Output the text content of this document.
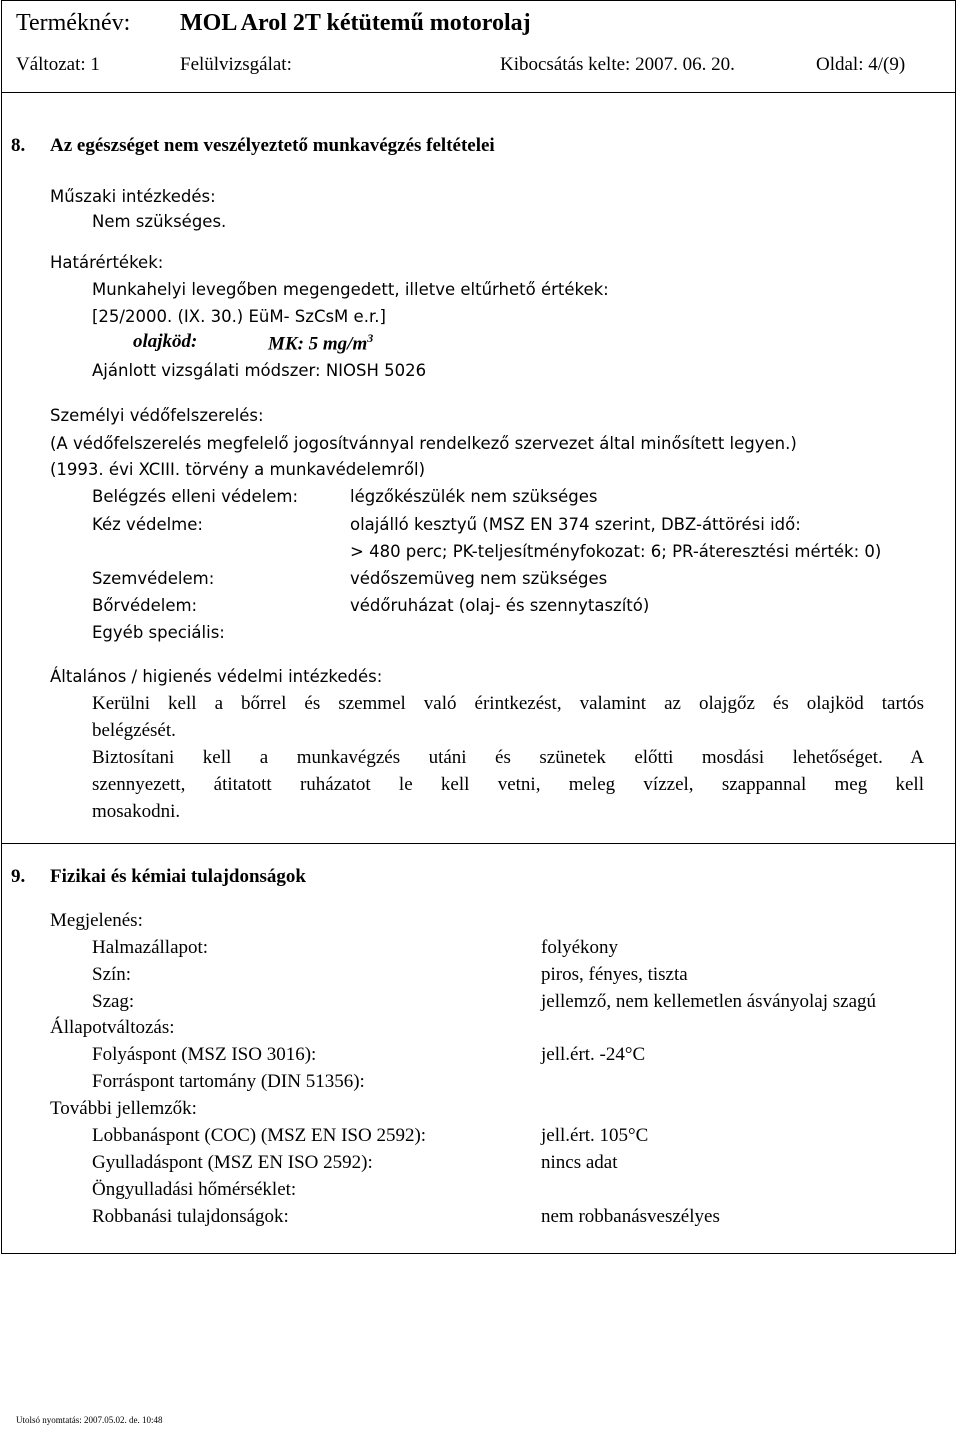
Terméknév: MOL Arol 2T kétütemű motorolaj
Változat: 1	Felülvizsgálat:	Kibocsátás kelte: 2007. 06. 20.	Oldal: 4/(9)
8. Az egészséget nem veszélyeztető munkavégzés feltételei
Műszaki intézkedés:
Nem szükséges.
Határértékek:
Munkahelyi levegőben megengedett, illetve eltűrhető értékek:
[25/2000. (IX. 30.) EüM- SzCsM e.r.]
olajköd:	MK: 5 $mg/m^3$
Ajánlott vizsgálati módszer: NIOSH 5026
Személyi védőfelszerelés:
(A védőfelszerelés megfelelő jogosítvánnyal rendelkező szervezet által minősített legyen.)
(1993. évi XCIII. törvény a munkavédelemről)
Belégzés elleni védelem:	légzőkészülék nem szükséges
Kéz védelme:	olajálló kesztyű (MSZ EN 374 szerint, DBZ-áttörési idő:
> 480 perc; PK-teljesítményfokozat: 6; PR-áteresztési mérték: 0)
Szemvédelem:	védőszemüveg nem szükséges
Bőrvédelem:	védőruházat (olaj- és szennytaszító)
Egyéb speciális:
Általános / higienés védelmi intézkedés:
Kerülni kell a bőrrel és szemmel való érintkezést, valamint az olajgőz és olajköd tartós
belégzését.
Biztosítani kell a munkavégzés utáni és szünetek előtti mosdási lehetőséget. A
szennyezett, átitatott ruházatot le kell vetni, meleg vízzel, szappannal meg kell
mosakodni.
9. Fizikai és kémiai tulajdonságok
Megjelenés:
Halmazállapot:	folyékony
Szín:	piros, fényes, tiszta
Szag:	jellemző, nem kellemetlen ásványolaj szagú
Állapotváltozás:
Folyáspont (MSZ ISO 3016):	jell.ért. -24°C
Forráspont tartomány (DIN 51356):
További jellemzők:
Lobbanáspont (COC) (MSZ EN ISO 2592):	jell.ért. 105°C
Gyulladáspont (MSZ EN ISO 2592):	nincs adat
Öngyulladási hőmérséklet:
Robbanási tulajdonságok:	nem robbanásveszélyes
Utolsó nyomtatás: 2007.05.02. de. 10:48
